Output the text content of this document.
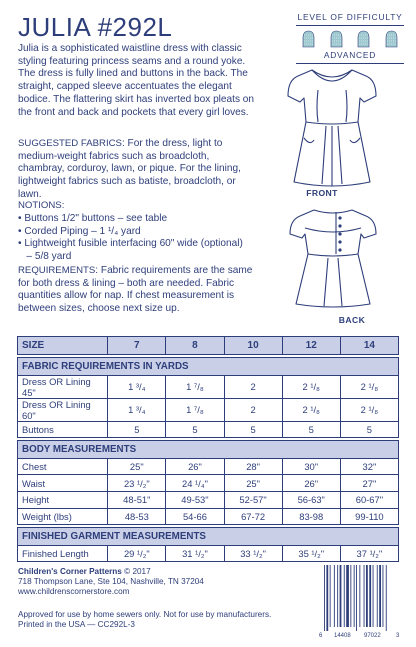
JULIA #292L	LEVEL OF DIFFICULTY
ADVANCED

Julia is a sophisticated waistline dress with classic styling featuring princess seams and a round yoke. The dress is fully lined and buttons in the back. The straight, capped sleeve accentuates the elegant bodice. The flattering skirt has inverted box pleats on the front and back and pockets that every girl loves.

SUGGESTED FABRICS: For the dress, light to medium-weight fabrics such as broadcloth, chambray, corduroy, lawn, or pique. For the lining, lightweight fabrics such as batiste, broadcloth, or lawn.

NOTIONS:

• Buttons 1/2" buttons – see table
• Corded Piping – 1 ¹/₄ yard
• Lightweight fusible interfacing 60" wide (optional)
– 5/8 yard

REQUIREMENTS: Fabric requirements are the same for both dress & lining – both are needed. Fabric quantities allow for nap. If chest measurement is between sizes, choose next size up.

FRONT
BACK
SIZE	7	8	10	12	14

FABRIC REQUIREMENTS IN YARDS					
Dress OR Lining 45"	1 ³/₄	1 ⁷/₈	2	2 ¹/₈	2 ¹/₈
Dress OR Lining 60"	1 ³/₄	1 ⁷/₈	2	2 ¹/₈	2 ¹/₈
Buttons	5	5	5	5	5

BODY MEASUREMENTS					
Chest	25"	26"	28"	30"	32"
Waist	23 ¹/₂"	24 ¹/₄"	25"	26"	27"
Height	48-51"	49-53"	52-57"	56-63"	60-67"
Weight (lbs)	48-53	54-66	67-72	83-98	99-110

FINISHED GARMENT MEASUREMENTS					
Finished Length	29 ¹/₂"	31 ¹/₂"	33 ¹/₂"	35 ¹/₂"	37 ¹/₂"
Children's Corner Patterns © 2017
718 Thompson Lane, Ste 104, Nashville, TN 37204
www.childrenscornerstore.com
Approved for use by home sewers only. Not for use by manufacturers.
Printed in the USA — CC292L-3
6 14408 97022	3
